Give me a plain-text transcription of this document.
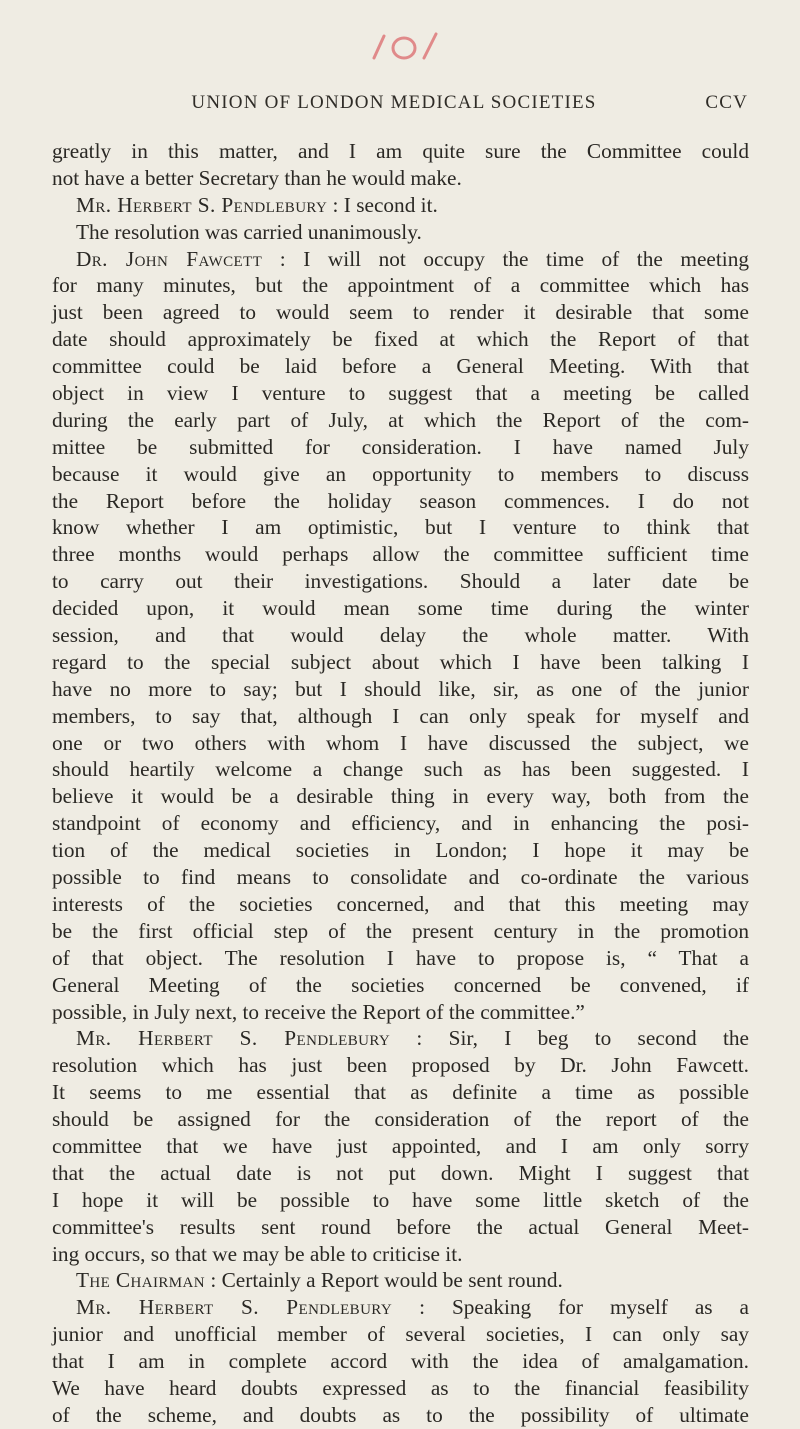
UNION OF LONDON MEDICAL SOCIETIES	CCV
greatly in this matter, and I am quite sure the Committee could
not have a better Secretary than he would make.
Mr. Herbert S. Pendlebury : I second it.
The resolution was carried unanimously.
Dr. John Fawcett : I will not occupy the time of the meeting
for many minutes, but the appointment of a committee which has
just been agreed to would seem to render it desirable that some
date should approximately be fixed at which the Report of that
committee could be laid before a General Meeting. With that
object in view I venture to suggest that a meeting be called
during the early part of July, at which the Report of the com-
mittee be submitted for consideration. I have named July
because it would give an opportunity to members to discuss
the Report before the holiday season commences. I do not
know whether I am optimistic, but I venture to think that
three months would perhaps allow the committee sufficient time
to carry out their investigations. Should a later date be
decided upon, it would mean some time during the winter
session, and that would delay the whole matter. With
regard to the special subject about which I have been talking I
have no more to say; but I should like, sir, as one of the junior
members, to say that, although I can only speak for myself and
one or two others with whom I have discussed the subject, we
should heartily welcome a change such as has been suggested. I
believe it would be a desirable thing in every way, both from the
standpoint of economy and efficiency, and in enhancing the posi-
tion of the medical societies in London; I hope it may be
possible to find means to consolidate and co-ordinate the various
interests of the societies concerned, and that this meeting may
be the first official step of the present century in the promotion
of that object. The resolution I have to propose is, “ That a
General Meeting of the societies concerned be convened, if
possible, in July next, to receive the Report of the committee.”
Mr. Herbert S. Pendlebury : Sir, I beg to second the
resolution which has just been proposed by Dr. John Fawcett.
It seems to me essential that as definite a time as possible
should be assigned for the consideration of the report of the
committee that we have just appointed, and I am only sorry
that the actual date is not put down. Might I suggest that
I hope it will be possible to have some little sketch of the
committee's results sent round before the actual General Meet-
ing occurs, so that we may be able to criticise it.
The Chairman : Certainly a Report would be sent round.
Mr. Herbert S. Pendlebury : Speaking for myself as a
junior and unofficial member of several societies, I can only say
that I am in complete accord with the idea of amalgamation.
We have heard doubts expressed as to the financial feasibility
of the scheme, and doubts as to the possibility of ultimate
